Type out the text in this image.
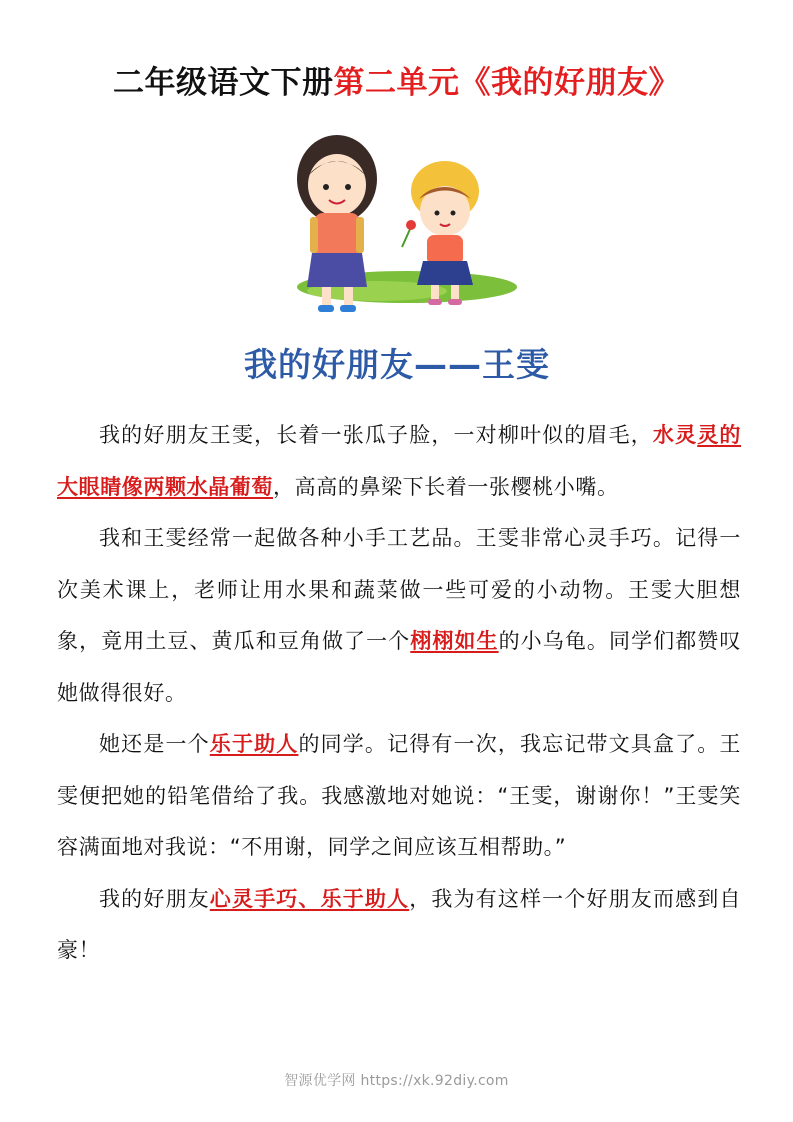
二年级语文下册第二单元《我的好朋友》
我的好朋友——王雯

我的好朋友王雯，长着一张瓜子脸，一对柳叶似的眉毛，水灵灵的大眼睛像两颗水晶葡萄，高高的鼻梁下长着一张樱桃小嘴。

我和王雯经常一起做各种小手工艺品。王雯非常心灵手巧。记得一次美术课上，老师让用水果和蔬菜做一些可爱的小动物。王雯大胆想象，竟用土豆、黄瓜和豆角做了一个栩栩如生的小乌龟。同学们都赞叹她做得很好。

她还是一个乐于助人的同学。记得有一次，我忘记带文具盒了。王雯便把她的铅笔借给了我。我感激地对她说：“王雯，谢谢你！”王雯笑容满面地对我说：“不用谢，同学之间应该互相帮助。”

我的好朋友心灵手巧、乐于助人，我为有这样一个好朋友而感到自豪！

智源优学网 https://xk.92diy.com
